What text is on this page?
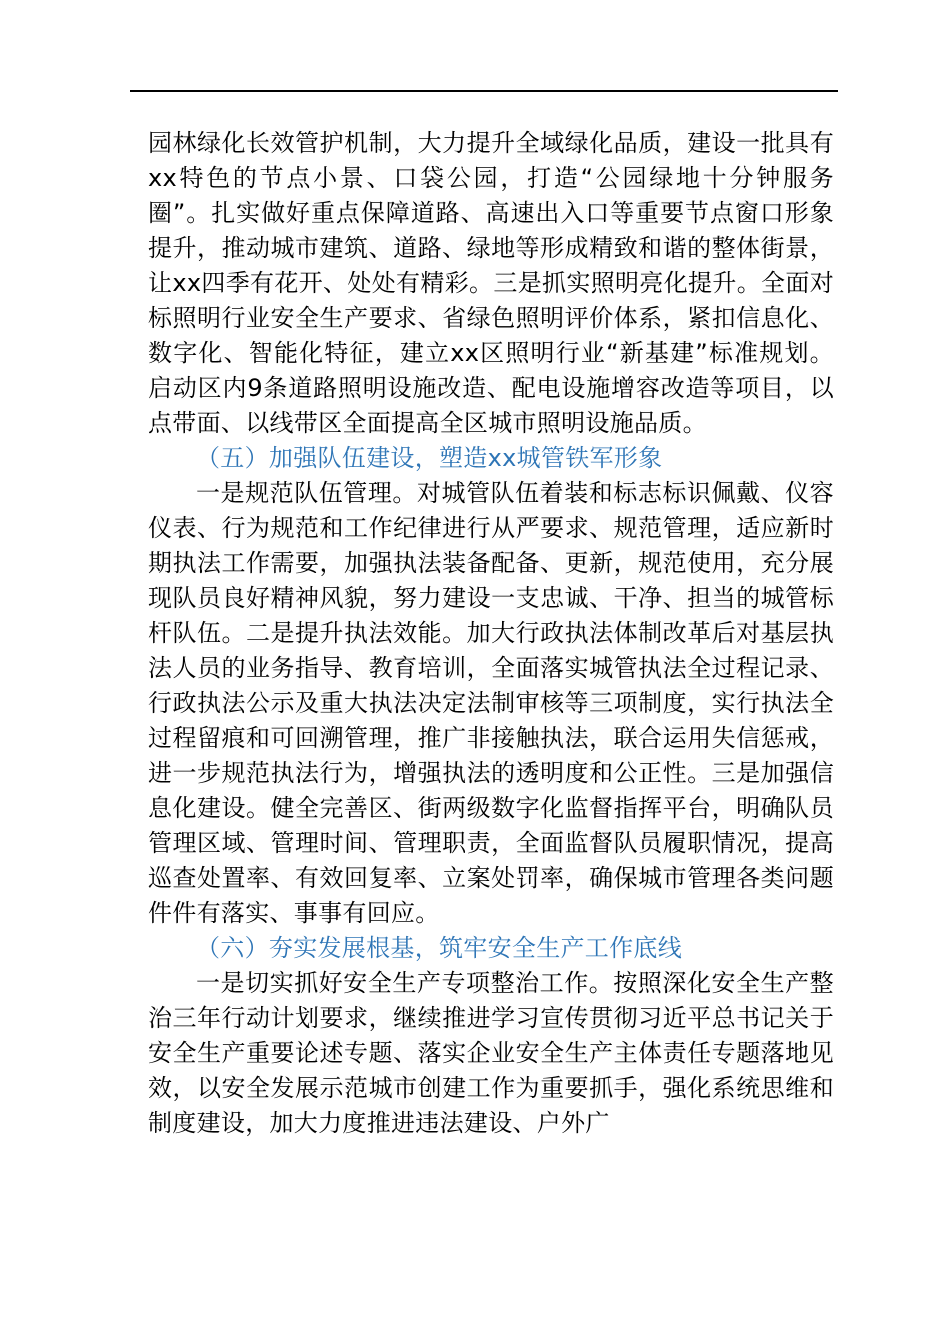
园林绿化长效管护机制，大力提升全域绿化品质，建设一批具有xx特色的节点小景、口袋公园，打造“公园绿地十分钟服务圈”。扎实做好重点保障道路、高速出入口等重要节点窗口形象提升，推动城市建筑、道路、绿地等形成精致和谐的整体街景，让xx四季有花开、处处有精彩。三是抓实照明亮化提升。全面对标照明行业安全生产要求、省绿色照明评价体系，紧扣信息化、数字化、智能化特征，建立xx区照明行业“新基建”标准规划。启动区内9条道路照明设施改造、配电设施增容改造等项目，以点带面、以线带区全面提高全区城市照明设施品质。

（五）加强队伍建设，塑造xx城管铁军形象

一是规范队伍管理。对城管队伍着装和标志标识佩戴、仪容仪表、行为规范和工作纪律进行从严要求、规范管理，适应新时期执法工作需要，加强执法装备配备、更新，规范使用，充分展现队员良好精神风貌，努力建设一支忠诚、干净、担当的城管标杆队伍。二是提升执法效能。加大行政执法体制改革后对基层执法人员的业务指导、教育培训，全面落实城管执法全过程记录、行政执法公示及重大执法决定法制审核等三项制度，实行执法全过程留痕和可回溯管理，推广非接触执法，联合运用失信惩戒，进一步规范执法行为，增强执法的透明度和公正性。三是加强信息化建设。健全完善区、街两级数字化监督指挥平台，明确队员管理区域、管理时间、管理职责，全面监督队员履职情况，提高巡查处置率、有效回复率、立案处罚率，确保城市管理各类问题件件有落实、事事有回应。

（六）夯实发展根基，筑牢安全生产工作底线

一是切实抓好安全生产专项整治工作。按照深化安全生产整治三年行动计划要求，继续推进学习宣传贯彻习近平总书记关于安全生产重要论述专题、落实企业安全生产主体责任专题落地见效，以安全发展示范城市创建工作为重要抓手，强化系统思维和制度建设，加大力度推进违法建设、户外广
